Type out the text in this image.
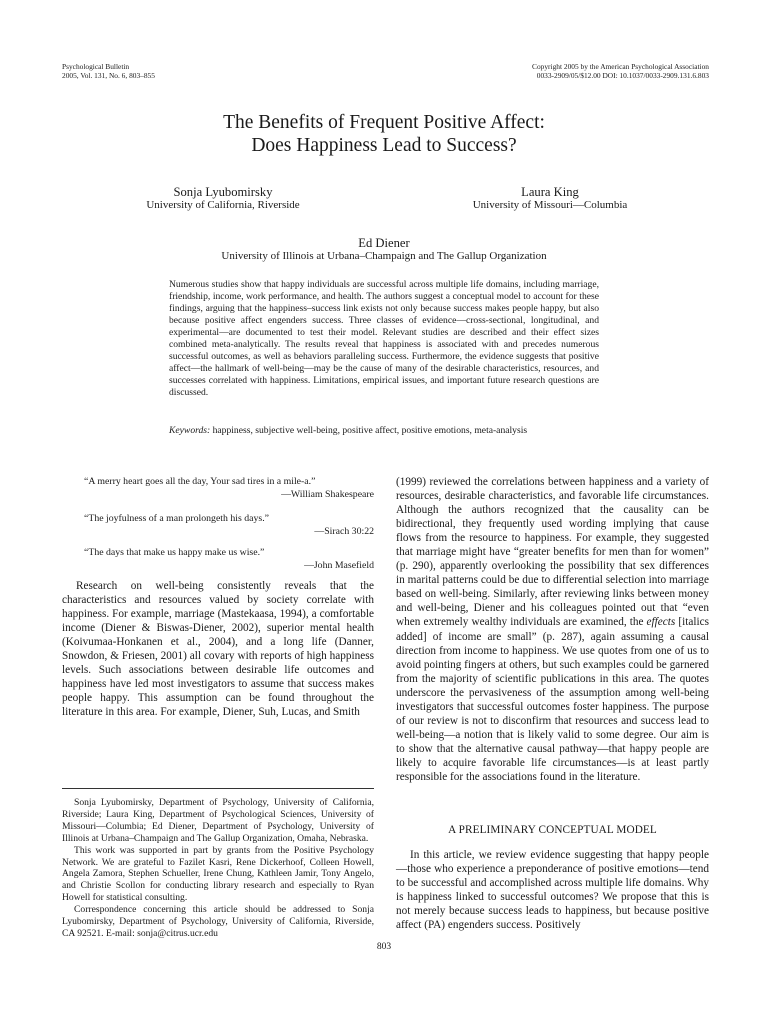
Psychological Bulletin
2005, Vol. 131, No. 6, 803–855
Copyright 2005 by the American Psychological Association
0033-2909/05/$12.00 DOI: 10.1037/0033-2909.131.6.803
The Benefits of Frequent Positive Affect:
Does Happiness Lead to Success?
Sonja Lyubomirsky
University of California, Riverside
Laura King
University of Missouri—Columbia
Ed Diener
University of Illinois at Urbana–Champaign and The Gallup Organization
Numerous studies show that happy individuals are successful across multiple life domains, including marriage, friendship, income, work performance, and health. The authors suggest a conceptual model to account for these findings, arguing that the happiness–success link exists not only because success makes people happy, but also because positive affect engenders success. Three classes of evidence—cross-sectional, longitudinal, and experimental—are documented to test their model. Relevant studies are described and their effect sizes combined meta-analytically. The results reveal that happiness is associated with and precedes numerous successful outcomes, as well as behaviors paralleling success. Furthermore, the evidence suggests that positive affect—the hallmark of well-being—may be the cause of many of the desirable characteristics, resources, and successes correlated with happiness. Limitations, empirical issues, and important future research questions are discussed.
Keywords: happiness, subjective well-being, positive affect, positive emotions, meta-analysis
“A merry heart goes all the day, Your sad tires in a mile-a.”
—William Shakespeare
“The joyfulness of a man prolongeth his days.”
—Sirach 30:22
“The days that make us happy make us wise.”
—John Masefield

Research on well-being consistently reveals that the characteristics and resources valued by society correlate with happiness. For example, marriage (Mastekaasa, 1994), a comfortable income (Diener & Biswas-Diener, 2002), superior mental health (Koivumaa-Honkanen et al., 2004), and a long life (Danner, Snowdon, & Friesen, 2001) all covary with reports of high happiness levels. Such associations between desirable life outcomes and happiness have led most investigators to assume that success makes people happy. This assumption can be found throughout the literature in this area. For example, Diener, Suh, Lucas, and Smith

Sonja Lyubomirsky, Department of Psychology, University of California, Riverside; Laura King, Department of Psychological Sciences, University of Missouri—Columbia; Ed Diener, Department of Psychology, University of Illinois at Urbana–Champaign and The Gallup Organization, Omaha, Nebraska.

This work was supported in part by grants from the Positive Psychology Network. We are grateful to Fazilet Kasri, Rene Dickerhoof, Colleen Howell, Angela Zamora, Stephen Schueller, Irene Chung, Kathleen Jamir, Tony Angelo, and Christie Scollon for conducting library research and especially to Ryan Howell for statistical consulting.

Correspondence concerning this article should be addressed to Sonja Lyubomirsky, Department of Psychology, University of California, Riverside, CA 92521. E-mail: sonja@citrus.ucr.edu

(1999) reviewed the correlations between happiness and a variety of resources, desirable characteristics, and favorable life circumstances. Although the authors recognized that the causality can be bidirectional, they frequently used wording implying that cause flows from the resource to happiness. For example, they suggested that marriage might have “greater benefits for men than for women” (p. 290), apparently overlooking the possibility that sex differences in marital patterns could be due to differential selection into marriage based on well-being. Similarly, after reviewing links between money and well-being, Diener and his colleagues pointed out that “even when extremely wealthy individuals are examined, the effects [italics added] of income are small” (p. 287), again assuming a causal direction from income to happiness. We use quotes from one of us to avoid pointing fingers at others, but such examples could be garnered from the majority of scientific publications in this area. The quotes underscore the pervasiveness of the assumption among well-being investigators that successful outcomes foster happiness. The purpose of our review is not to disconfirm that resources and success lead to well-being—a notion that is likely valid to some degree. Our aim is to show that the alternative causal pathway—that happy people are likely to acquire favorable life circumstances—is at least partly responsible for the associations found in the literature.

A PRELIMINARY CONCEPTUAL MODEL

In this article, we review evidence suggesting that happy people—those who experience a preponderance of positive emotions—tend to be successful and accomplished across multiple life domains. Why is happiness linked to successful outcomes? We propose that this is not merely because success leads to happiness, but because positive affect (PA) engenders success. Positively

803
